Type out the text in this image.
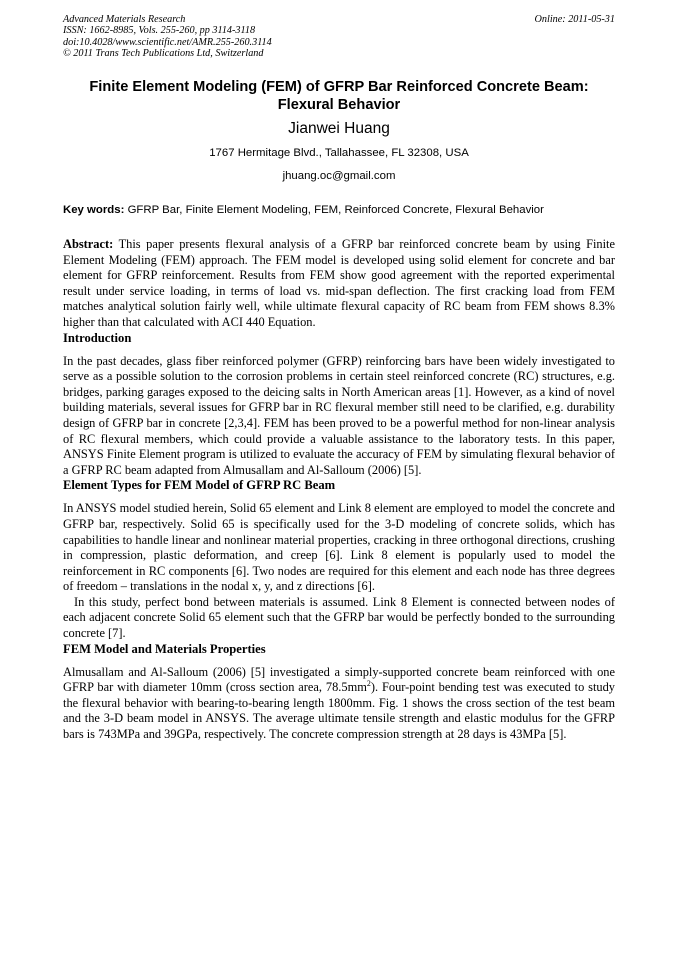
Advanced Materials Research
ISSN: 1662-8985, Vols. 255-260, pp 3114-3118
doi:10.4028/www.scientific.net/AMR.255-260.3114
© 2011 Trans Tech Publications Ltd, Switzerland
Online: 2011-05-31
Finite Element Modeling (FEM) of GFRP Bar Reinforced Concrete Beam:
Flexural Behavior
Jianwei Huang
1767 Hermitage Blvd., Tallahassee, FL 32308, USA
jhuang.oc@gmail.com
Key words: GFRP Bar, Finite Element Modeling, FEM, Reinforced Concrete, Flexural Behavior
Abstract: This paper presents flexural analysis of a GFRP bar reinforced concrete beam by using Finite Element Modeling (FEM) approach. The FEM model is developed using solid element for concrete and bar element for GFRP reinforcement. Results from FEM show good agreement with the reported experimental result under service loading, in terms of load vs. mid-span deflection. The first cracking load from FEM matches analytical solution fairly well, while ultimate flexural capacity of RC beam from FEM shows 8.3% higher than that calculated with ACI 440 Equation.
Introduction
In the past decades, glass fiber reinforced polymer (GFRP) reinforcing bars have been widely investigated to serve as a possible solution to the corrosion problems in certain steel reinforced concrete (RC) structures, e.g. bridges, parking garages exposed to the deicing salts in North American areas [1]. However, as a kind of novel building materials, several issues for GFRP bar in RC flexural member still need to be clarified, e.g. durability design of GFRP bar in concrete [2,3,4]. FEM has been proved to be a powerful method for non-linear analysis of RC flexural members, which could provide a valuable assistance to the laboratory tests. In this paper, ANSYS Finite Element program is utilized to evaluate the accuracy of FEM by simulating flexural behavior of a GFRP RC beam adapted from Almusallam and Al-Salloum (2006) [5].
Element Types for FEM Model of GFRP RC Beam
In ANSYS model studied herein, Solid 65 element and Link 8 element are employed to model the concrete and GFRP bar, respectively. Solid 65 is specifically used for the 3-D modeling of concrete solids, which has capabilities to handle linear and nonlinear material properties, cracking in three orthogonal directions, crushing in compression, plastic deformation, and creep [6]. Link 8 element is popularly used to model the reinforcement in RC components [6]. Two nodes are required for this element and each node has three degrees of freedom – translations in the nodal x, y, and z directions [6].
In this study, perfect bond between materials is assumed. Link 8 Element is connected between nodes of each adjacent concrete Solid 65 element such that the GFRP bar would be perfectly bonded to the surrounding concrete [7].
FEM Model and Materials Properties
Almusallam and Al-Salloum (2006) [5] investigated a simply-supported concrete beam reinforced with one GFRP bar with diameter 10mm (cross section area, $78.5mm^2$). Four-point bending test was executed to study the flexural behavior with bearing-to-bearing length 1800mm. Fig. 1 shows the cross section of the test beam and the 3-D beam model in ANSYS. The average ultimate tensile strength and elastic modulus for the GFRP bars is 743MPa and 39GPa, respectively. The concrete compression strength at 28 days is 43MPa [5].
